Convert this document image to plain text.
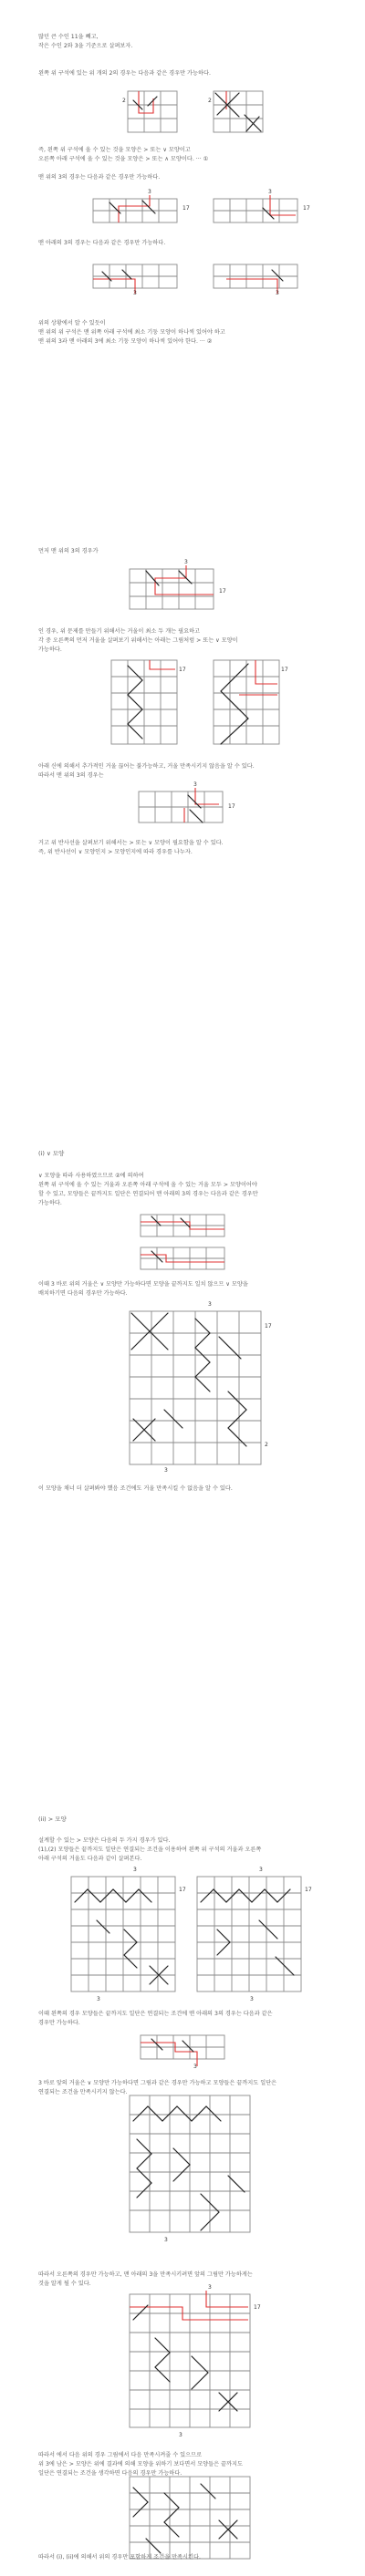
많던 큰 수인 11을 빼고,

작은 수인 2와 3을 기준으로 살펴보자.

왼쪽 위 구석에 있는 위 개의 2의 경우는 다음과 같은 경우만 가능하다.

2	2

즉, 왼쪽 위 구석에 올 수 있는 것을 모양은 > 또는 ∨ 모양이고

오른쪽 아래 구석에 올 수 있는 것을 모양은 > 또는 ∧ 모양이다. ··· ①

맨 위의 3의 경우는 다음과 같은 경우만 가능하다.

3
17
3
17

맨 아래의 3의 경우는 다음과 같은 경우만 가능하다.

3	3

위의 상황에서 알 수 있듯이

맨 위의 위 구석은 맨 위쪽 아래 구석에 최소 기둥 모양이 하나씩 있어야 하고

맨 위의 3과 맨 아래의 3에 최소 기둥 모양이 하나씩 있어야 한다. ··· ②

먼저 맨 위의 3의 경우가

3
17

인 경우, 위 문제를 만들기 위해서는 거울이 최소 두 개는 필요하고

각 중 오른쪽의 먼저 거울을 살펴보기 위해서는 아래는 그림처럼 > 또는 ∨ 모양이

가능하다.

17	17

아래 신에 의해서 추가적인 거울 끊어는 불가능하고, 거울 만족시키지 않음을 알 수 있다.

따라서 맨 위의 3의 경우는

3
17

거고 위 반사선을 살펴보기 위해서는 > 또는 ∨ 모양이 필요함을 알 수 있다.

즉, 위 반사선이 ∨ 모양인지 > 모양인지에 따라 경우를 나누자.

(i) ∨ 모양

∨ 모양을 따라 사용하였으므로 ②에 의하여

왼쪽 위 구석에 올 수 있는 거울과 오른쪽 아래 구석에 올 수 있는 거울 모두 > 모양이어야

할 수 있고, 모양들은 끝까지도 일단은 연결되어 맨 아래의 3의 경우는 다음과 같은 경우만

가능하다.

이때 3 바로 위의 거울은 ∨ 모양만 가능하다면 모양을 끝까지도 일치 않으므 ∨ 모양을

배치하기면 다음의 경우만 가능하다.

3
17
3
2

이 모양을 채너 더 살펴봐야 했음 조건에도 거울 만족시킬 수 없음을 알 수 있다.

(ii) > 모양

설계할 수 있는 > 모양은 다음의 두 가지 경우가 있다.

(1),(2) 모양들은 끝까지도 일단은 연결되는 조건을 이용하여 왼쪽 위 구석의 거울과 오른쪽

아래 구석의 거울도 다음과 같이 살펴본다.

3
17
3
3
17
3

이때 왼쪽의 경우 모양들은 끝까지도 일단은 연결되는 조건에 맨 아래의 3의 경우는 다음과 같은

경우만 가능하다.

3

3 바로 앞의 거울은 ∨ 모양만 가능하다면 그림과 같은 경우만 가능하고 모양들은 끝까지도 일단은

연결되는 조건을 만족시키지 않는다.

3

따라서 오른쪽의 경우만 가능하고, 맨 아래의 3을 만족시키려면 앞의 그림만 가능하게는

것을 알게 될 수 있다.

3
17
3

따라서 에서 다음 위의 경우 그림에서 다음 만족시켜줄 수 있으므로

위 3에 남은 > 모양은 위에 결과에 의해 모양을 위하기 보다면서 모양들은 끝까지도

일단은 연결되는 조건을 생각하면 다음의 경우만 가능하다.

따라서 (i), (ii)에 의해서 위의 경우만 포함하게 조건을 만족시킨다.
